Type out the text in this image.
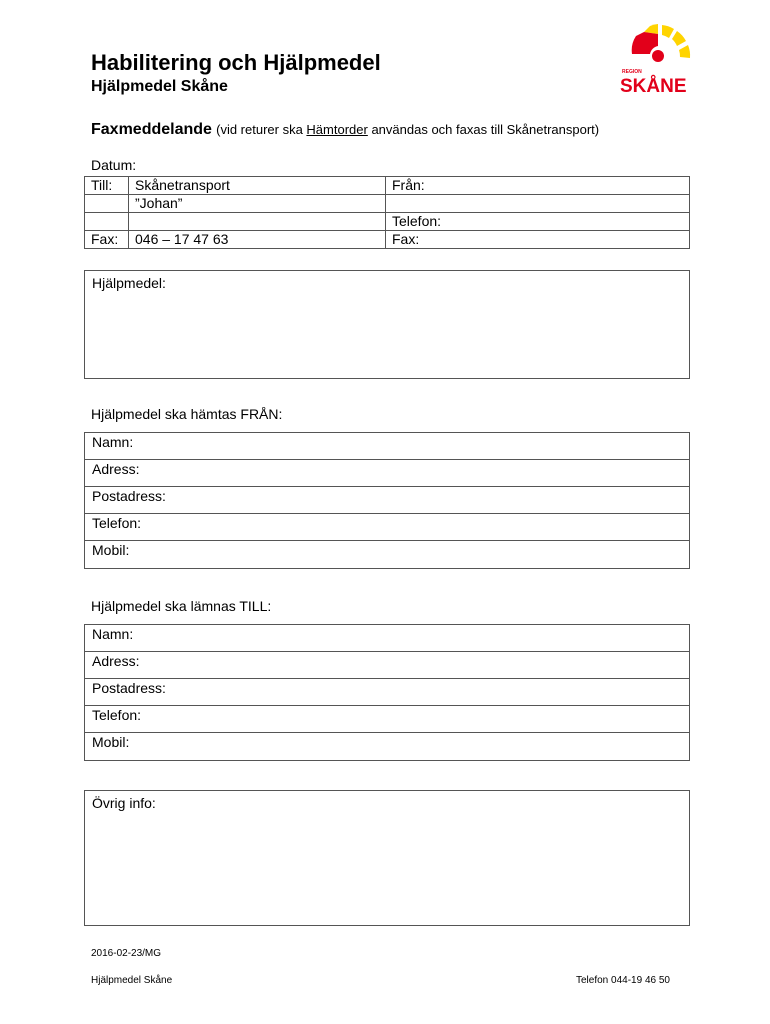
Habilitering och Hjälpmedel
Hjälpmedel Skåne
REGION
SKÅNE
Faxmeddelande (vid returer ska Hämtorder användas och faxas till Skånetransport)
Datum:
Till:	Skånetransport	Från:
	”Johan”	
		Telefon:
Fax:	046 – 17 47 63	Fax:
Hjälpmedel:
Hjälpmedel ska hämtas FRÅN:
Namn:
Adress:
Postadress:
Telefon:
Mobil:
Hjälpmedel ska lämnas TILL:
Namn:
Adress:
Postadress:
Telefon:
Mobil:
Övrig info:
2016-02-23/MG
Hjälpmedel Skåne	Telefon 044-19 46 50
